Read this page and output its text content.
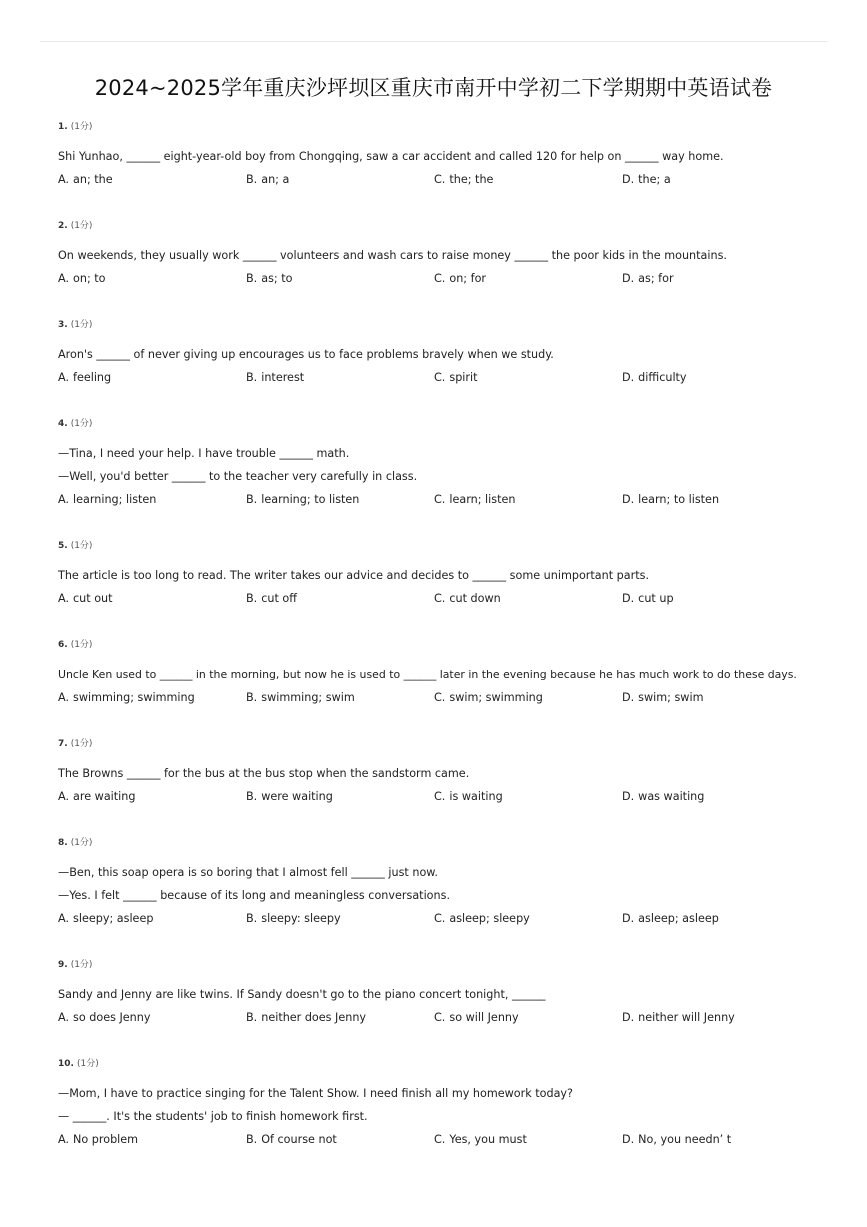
2024~2025学年重庆沙坪坝区重庆市南开中学初二下学期期中英语试卷
1. (1分)
Shi Yunhao, ______ eight-year-old boy from Chongqing, saw a car accident and called 120 for help on ______ way home.
A. an; the	B. an; a	C. the; the	D. the; a
2. (1分)
On weekends, they usually work ______ volunteers and wash cars to raise money ______ the poor kids in the mountains.
A. on; to	B. as; to	C. on; for	D. as; for
3. (1分)
Aron's ______ of never giving up encourages us to face problems bravely when we study.
A. feeling	B. interest	C. spirit	D. difficulty
4. (1分)
—Tina, I need your help. I have trouble ______ math.
—Well, you'd better ______ to the teacher very carefully in class.
A. learning; listen	B. learning; to listen	C. learn; listen	D. learn; to listen
5. (1分)
The article is too long to read. The writer takes our advice and decides to ______ some unimportant parts.
A. cut out	B. cut off	C. cut down	D. cut up
6. (1分)
Uncle Ken used to ______ in the morning, but now he is used to ______ later in the evening because he has much work to do these days.
A. swimming; swimming	B. swimming; swim	C. swim; swimming	D. swim; swim
7. (1分)
The Browns ______ for the bus at the bus stop when the sandstorm came.
A. are waiting	B. were waiting	C. is waiting	D. was waiting
8. (1分)
—Ben, this soap opera is so boring that I almost fell ______ just now.
—Yes. I felt ______ because of its long and meaningless conversations.
A. sleepy; asleep	B. sleepy: sleepy	C. asleep; sleepy	D. asleep; asleep
9. (1分)
Sandy and Jenny are like twins. If Sandy doesn't go to the piano concert tonight, ______
A. so does Jenny	B. neither does Jenny	C. so will Jenny	D. neither will Jenny
10. (1分)
—Mom, I have to practice singing for the Talent Show. I need finish all my homework today?
— ______. It's the students' job to finish homework first.
A. No problem	B. Of course not	C. Yes, you must	D. No, you needn’ t
